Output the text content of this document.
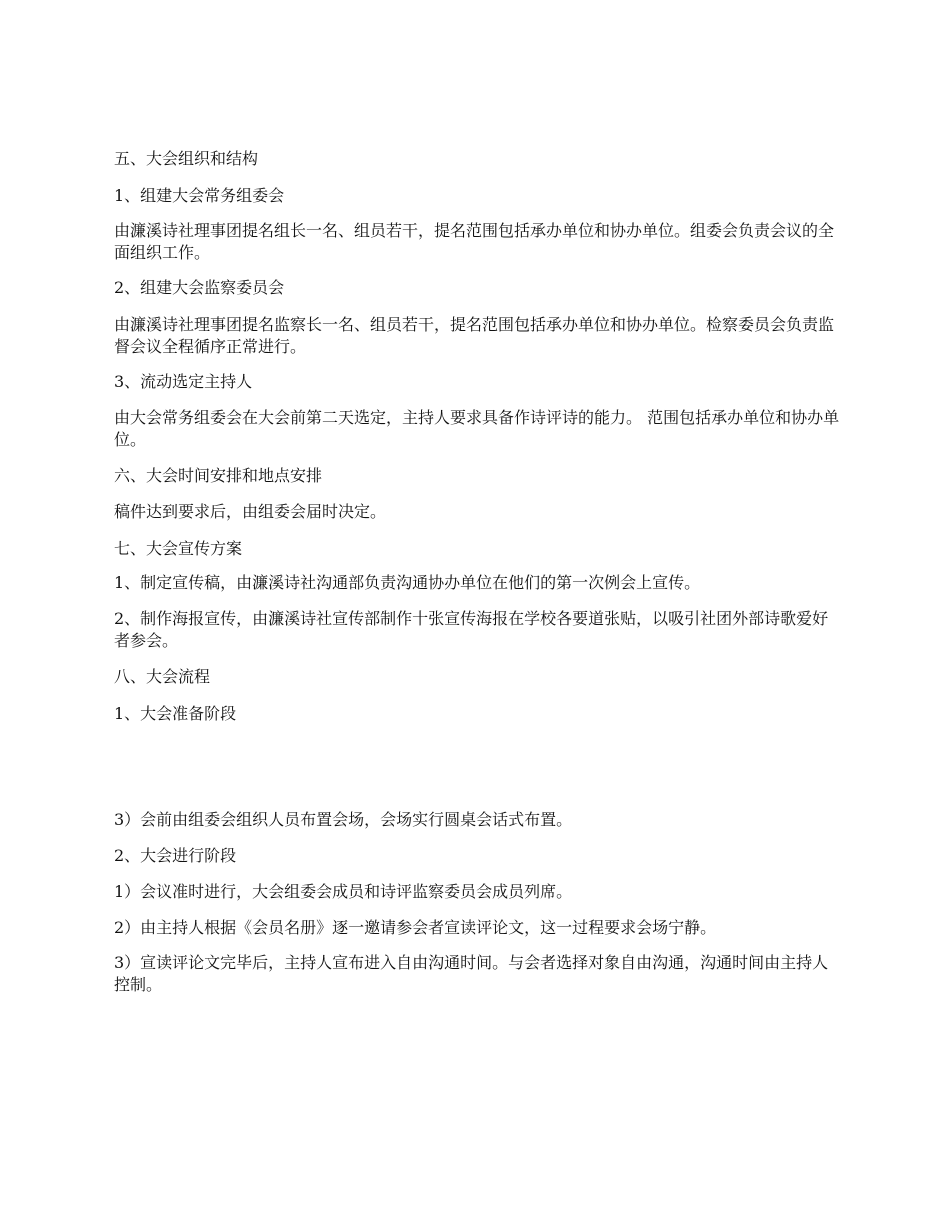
五、大会组织和结构

1、组建大会常务组委会

由濂溪诗社理事团提名组长一名、组员若干，提名范围包括承办单位和协办单位。组委会负责会议的全面组织工作。

2、组建大会监察委员会

由濂溪诗社理事团提名监察长一名、组员若干，提名范围包括承办单位和协办单位。检察委员会负责监督会议全程循序正常进行。

3、流动选定主持人

由大会常务组委会在大会前第二天选定，主持人要求具备作诗评诗的能力。 范围包括承办单位和协办单位。

六、大会时间安排和地点安排

稿件达到要求后，由组委会届时决定。

七、大会宣传方案

1、制定宣传稿，由濂溪诗社沟通部负责沟通协办单位在他们的第一次例会上宣传。

2、制作海报宣传，由濂溪诗社宣传部制作十张宣传海报在学校各要道张贴，以吸引社团外部诗歌爱好者参会。

八、大会流程

1、大会准备阶段

3）会前由组委会组织人员布置会场，会场实行圆桌会话式布置。

2、大会进行阶段

1）会议准时进行，大会组委会成员和诗评监察委员会成员列席。

2）由主持人根据《会员名册》逐一邀请参会者宣读评论文，这一过程要求会场宁静。

3）宣读评论文完毕后，主持人宣布进入自由沟通时间。与会者选择对象自由沟通，沟通时间由主持人控制。
